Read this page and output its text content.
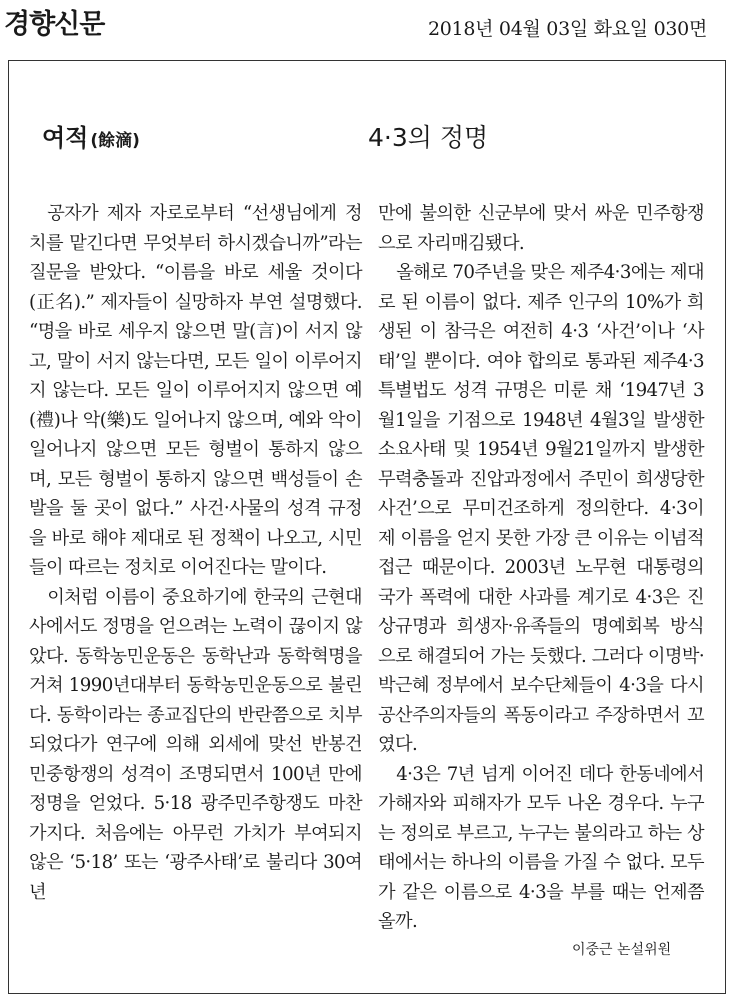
경향신문	2018년 04월 03일 화요일 030면
여적 (餘滴)	4·3의 정명

공자가 제자 자로로부터 “선생님에게 정치를 맡긴다면 무엇부터 하시겠습니까”라는 질문을 받았다. “이름을 바로 세울 것이다(正名).” 제자들이 실망하자 부연 설명했다. “명을 바로 세우지 않으면 말(言)이 서지 않고, 말이 서지 않는다면, 모든 일이 이루어지지 않는다. 모든 일이 이루어지지 않으면 예(禮)나 악(樂)도 일어나지 않으며, 예와 악이 일어나지 않으면 모든 형벌이 통하지 않으며, 모든 형벌이 통하지 않으면 백성들이 손발을 둘 곳이 없다.” 사건·사물의 성격 규정을 바로 해야 제대로 된 정책이 나오고, 시민들이 따르는 정치로 이어진다는 말이다.

이처럼 이름이 중요하기에 한국의 근현대사에서도 정명을 얻으려는 노력이 끊이지 않았다. 동학농민운동은 동학난과 동학혁명을 거쳐 1990년대부터 동학농민운동으로 불린다. 동학이라는 종교집단의 반란쯤으로 치부되었다가 연구에 의해 외세에 맞선 반봉건 민중항쟁의 성격이 조명되면서 100년 만에 정명을 얻었다. 5·18 광주민주항쟁도 마찬가지다. 처음에는 아무런 가치가 부여되지 않은 ‘5·18’ 또는 ‘광주사태’로 불리다 30여년

만에 불의한 신군부에 맞서 싸운 민주항쟁으로 자리매김됐다.

올해로 70주년을 맞은 제주4·3에는 제대로 된 이름이 없다. 제주 인구의 10%가 희생된 이 참극은 여전히 4·3 ‘사건’이나 ‘사태’일 뿐이다. 여야 합의로 통과된 제주4·3특별법도 성격 규명은 미룬 채 ‘1947년 3월1일을 기점으로 1948년 4월3일 발생한 소요사태 및 1954년 9월21일까지 발생한 무력충돌과 진압과정에서 주민이 희생당한 사건’으로 무미건조하게 정의한다. 4·3이 제 이름을 얻지 못한 가장 큰 이유는 이념적 접근 때문이다. 2003년 노무현 대통령의 국가 폭력에 대한 사과를 계기로 4·3은 진상규명과 희생자·유족들의 명예회복 방식으로 해결되어 가는 듯했다. 그러다 이명박·박근혜 정부에서 보수단체들이 4·3을 다시 공산주의자들의 폭동이라고 주장하면서 꼬였다.

4·3은 7년 넘게 이어진 데다 한동네에서 가해자와 피해자가 모두 나온 경우다. 누구는 정의로 부르고, 누구는 불의라고 하는 상태에서는 하나의 이름을 가질 수 없다. 모두가 같은 이름으로 4·3을 부를 때는 언제쯤 올까.

이중근 논설위원
